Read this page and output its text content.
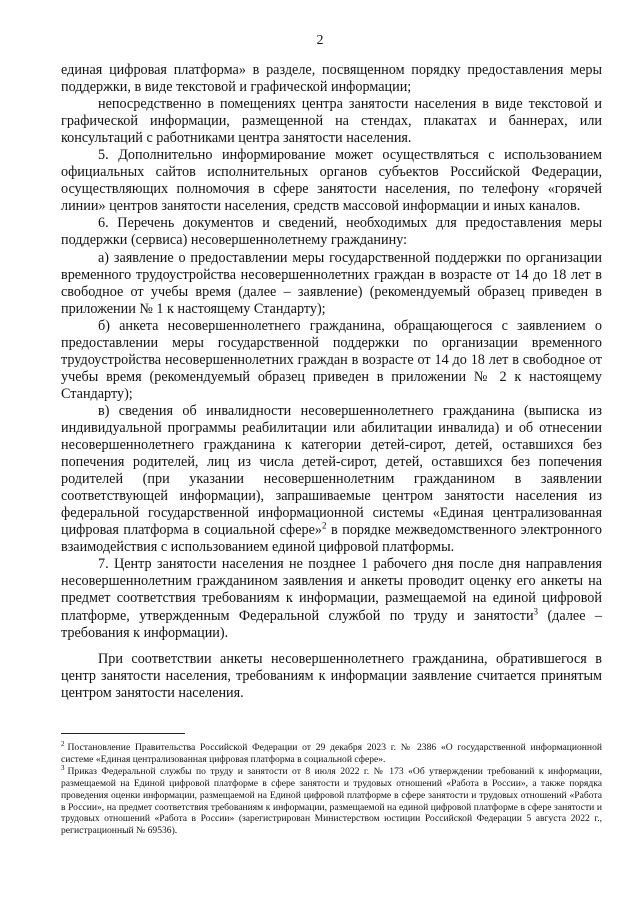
2

единая цифровая платформа» в разделе, посвященном порядку предоставления меры поддержки, в виде текстовой и графической информации;

непосредственно в помещениях центра занятости населения в виде текстовой и графической информации, размещенной на стендах, плакатах и баннерах, или консультаций с работниками центра занятости населения.

5. Дополнительно информирование может осуществляться с использованием официальных сайтов исполнительных органов субъектов Российской Федерации, осуществляющих полномочия в сфере занятости населения, по телефону «горячей линии» центров занятости населения, средств массовой информации и иных каналов.

6. Перечень документов и сведений, необходимых для предоставления меры поддержки (сервиса) несовершеннолетнему гражданину:

а) заявление о предоставлении меры государственной поддержки по организации временного трудоустройства несовершеннолетних граждан в возрасте от 14 до 18 лет в свободное от учебы время (далее – заявление) (рекомендуемый образец приведен в приложении № 1 к настоящему Стандарту);

б) анкета несовершеннолетнего гражданина, обращающегося с заявлением о предоставлении меры государственной поддержки по организации временного трудоустройства несовершеннолетних граждан в возрасте от 14 до 18 лет в свободное от учебы время (рекомендуемый образец приведен в приложении № 2 к настоящему Стандарту);

в) сведения об инвалидности несовершеннолетнего гражданина (выписка из индивидуальной программы реабилитации или абилитации инвалида) и об отнесении несовершеннолетнего гражданина к категории детей-сирот, детей, оставшихся без попечения родителей, лиц из числа детей-сирот, детей, оставшихся без попечения родителей (при указании несовершеннолетним гражданином в заявлении соответствующей информации), запрашиваемые центром занятости населения из федеральной государственной информационной системы «Единая централизованная цифровая платформа в социальной сфере»$^2$ в порядке межведомственного электронного взаимодействия с использованием единой цифровой платформы.

7. Центр занятости населения не позднее 1 рабочего дня после дня направления несовершеннолетним гражданином заявления и анкеты проводит оценку его анкеты на предмет соответствия требованиям к информации, размещаемой на единой цифровой платформе, утвержденным Федеральной службой по труду и занятости$^3$ (далее – требования к информации).

При соответствии анкеты несовершеннолетнего гражданина, обратившегося в центр занятости населения, требованиям к информации заявление считается принятым центром занятости населения.

$^2$ Постановление Правительства Российской Федерации от 29 декабря 2023 г. № 2386 «О государственной информационной системе «Единая централизованная цифровая платформа в социальной сфере».

$^3$ Приказ Федеральной службы по труду и занятости от 8 июля 2022 г. № 173 «Об утверждении требований к информации, размещаемой на Единой цифровой платформе в сфере занятости и трудовых отношений «Работа в России», а также порядка проведения оценки информации, размещаемой на Единой цифровой платформе в сфере занятости и трудовых отношений «Работа в России», на предмет соответствия требованиям к информации, размещаемой на единой цифровой платформе в сфере занятости и трудовых отношений «Работа в России» (зарегистрирован Министерством юстиции Российской Федерации 5 августа 2022 г., регистрационный № 69536).
